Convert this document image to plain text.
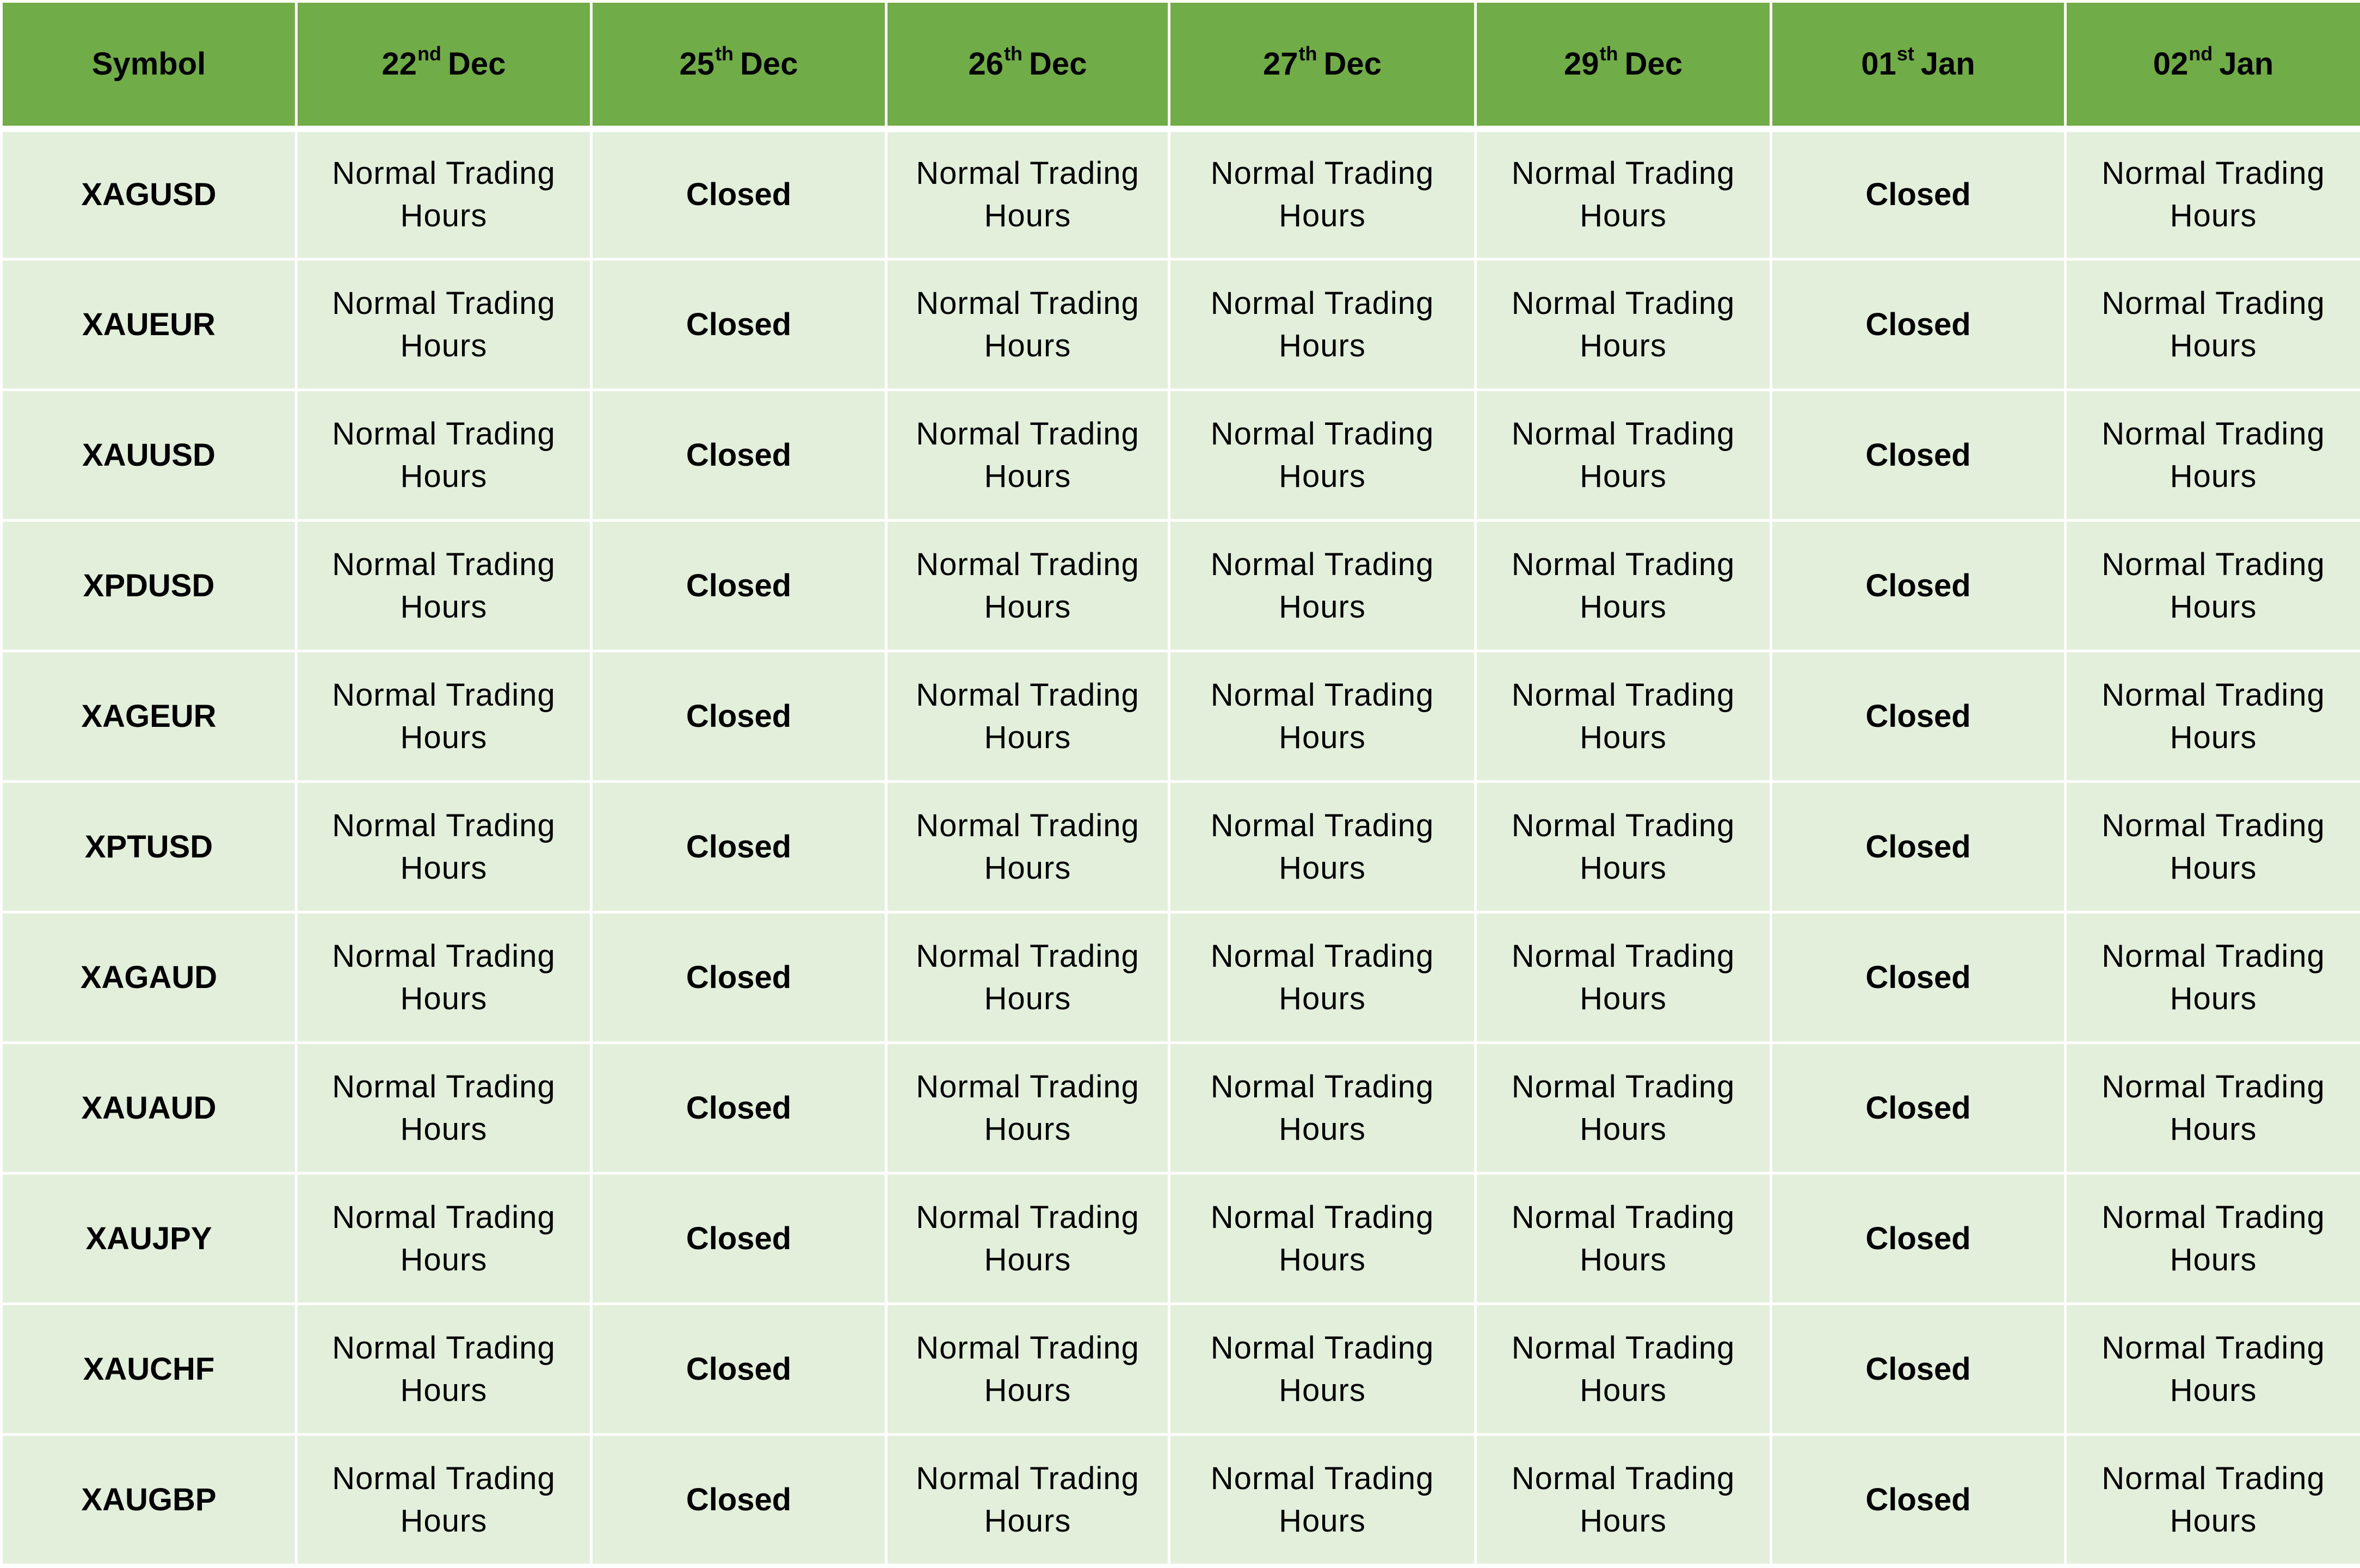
Symbol	22nd Dec	25th Dec	26th Dec	27th Dec	29th Dec	01st Jan	02nd Jan
XAGUSD	Normal Trading Hours	Closed	Normal Trading Hours	Normal Trading Hours	Normal Trading Hours	Closed	Normal Trading Hours
XAUEUR	Normal Trading Hours	Closed	Normal Trading Hours	Normal Trading Hours	Normal Trading Hours	Closed	Normal Trading Hours
XAUUSD	Normal Trading Hours	Closed	Normal Trading Hours	Normal Trading Hours	Normal Trading Hours	Closed	Normal Trading Hours
XPDUSD	Normal Trading Hours	Closed	Normal Trading Hours	Normal Trading Hours	Normal Trading Hours	Closed	Normal Trading Hours
XAGEUR	Normal Trading Hours	Closed	Normal Trading Hours	Normal Trading Hours	Normal Trading Hours	Closed	Normal Trading Hours
XPTUSD	Normal Trading Hours	Closed	Normal Trading Hours	Normal Trading Hours	Normal Trading Hours	Closed	Normal Trading Hours
XAGAUD	Normal Trading Hours	Closed	Normal Trading Hours	Normal Trading Hours	Normal Trading Hours	Closed	Normal Trading Hours
XAUAUD	Normal Trading Hours	Closed	Normal Trading Hours	Normal Trading Hours	Normal Trading Hours	Closed	Normal Trading Hours
XAUJPY	Normal Trading Hours	Closed	Normal Trading Hours	Normal Trading Hours	Normal Trading Hours	Closed	Normal Trading Hours
XAUCHF	Normal Trading Hours	Closed	Normal Trading Hours	Normal Trading Hours	Normal Trading Hours	Closed	Normal Trading Hours
XAUGBP	Normal Trading Hours	Closed	Normal Trading Hours	Normal Trading Hours	Normal Trading Hours	Closed	Normal Trading Hours
